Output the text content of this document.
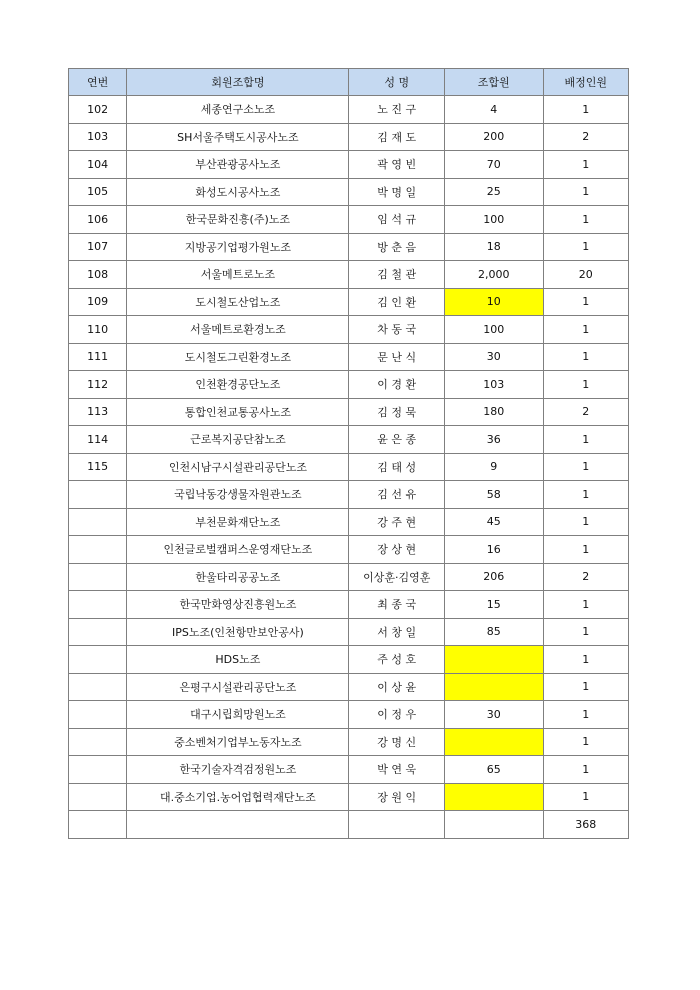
연번	회원조합명	성 명	조합원	배정인원
102	세종연구소노조	노 진 구	4	1
103	SH서울주택도시공사노조	김 재 도	200	2
104	부산관광공사노조	곽 영 빈	70	1
105	화성도시공사노조	박 명 일	25	1
106	한국문화진흥(주)노조	임 석 규	100	1
107	지방공기업평가원노조	방 춘 음	18	1
108	서울메트로노조	김 철 관	2,000	20
109	도시철도산업노조	김 인 환	10	1
110	서울메트로환경노조	차 동 국	100	1
111	도시철도그린환경노조	문 난 식	30	1
112	인천환경공단노조	이 경 환	103	1
113	통합인천교통공사노조	김 정 묵	180	2
114	근로복지공단참노조	윤 은 종	36	1
115	인천시남구시설관리공단노조	김 태 성	9	1
	국립낙동강생물자원관노조	김 선 유	58	1
	부천문화재단노조	강 주 현	45	1
	인천글로벌캠퍼스운영재단노조	장 상 현	16	1
	한울타리공공노조	이상훈·김영훈	206	2
	한국만화영상진흥원노조	최 종 국	15	1
	IPS노조(인천항만보안공사)	서 창 일	85	1
	HDS노조	주 성 호		1
	은평구시설관리공단노조	이 상 윤		1
	대구시립희망원노조	이 정 우	30	1
	중소벤처기업부노동자노조	강 명 신		1
	한국기술자격검정원노조	박 연 욱	65	1
	대.중소기업.농어업협력재단노조	장 원 익		1
				368
